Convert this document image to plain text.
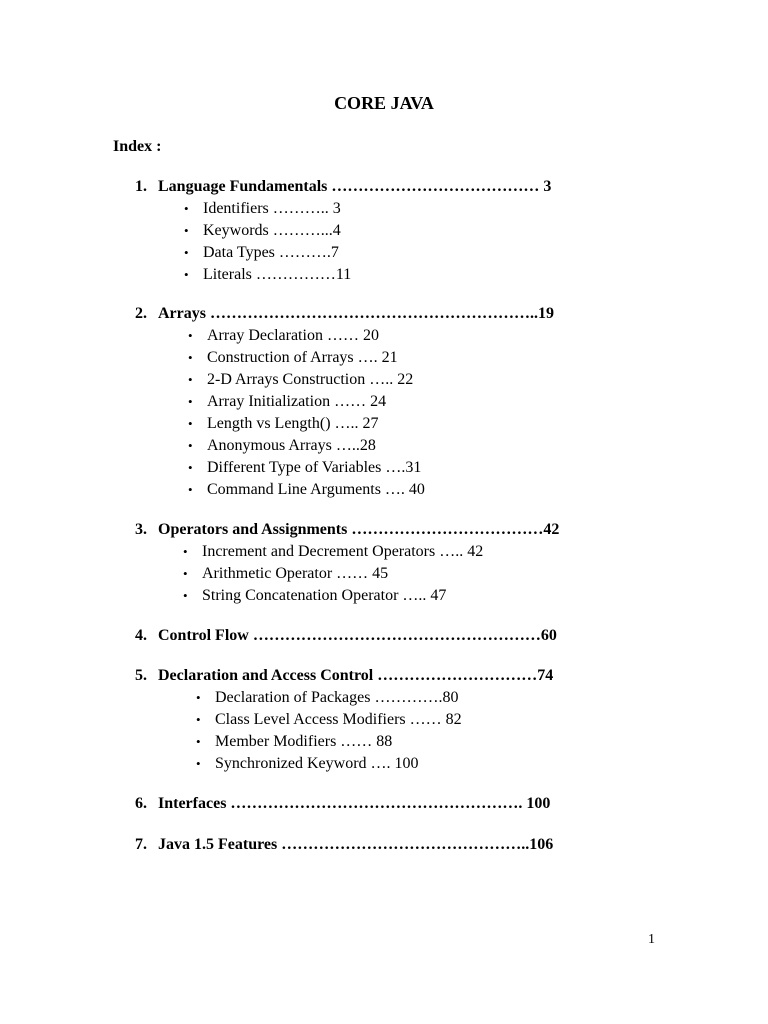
CORE JAVA
Index :
1. Language Fundamentals ………………………………… 3
• Identifiers ……….. 3
• Keywords ………...4
• Data Types ……….7
• Literals ……………11
2. Arrays ……………………………………………………..19
• Array Declaration …… 20
• Construction of Arrays …. 21
• 2-D Arrays Construction ….. 22
• Array Initialization …… 24
• Length vs Length() ….. 27
• Anonymous Arrays …..28
• Different Type of Variables ….31
• Command Line Arguments …. 40
3. Operators and Assignments ………………………………42
• Increment and Decrement Operators ….. 42
• Arithmetic Operator …… 45
• String Concatenation Operator ….. 47
4. Control Flow ………………………………………………60
5. Declaration and Access Control …………………………74
• Declaration of Packages ………….80
• Class Level Access Modifiers …… 82
• Member Modifiers …… 88
• Synchronized Keyword …. 100
6. Interfaces ………………………………………………. 100
7. Java 1.5 Features ………………………………………..106
1
